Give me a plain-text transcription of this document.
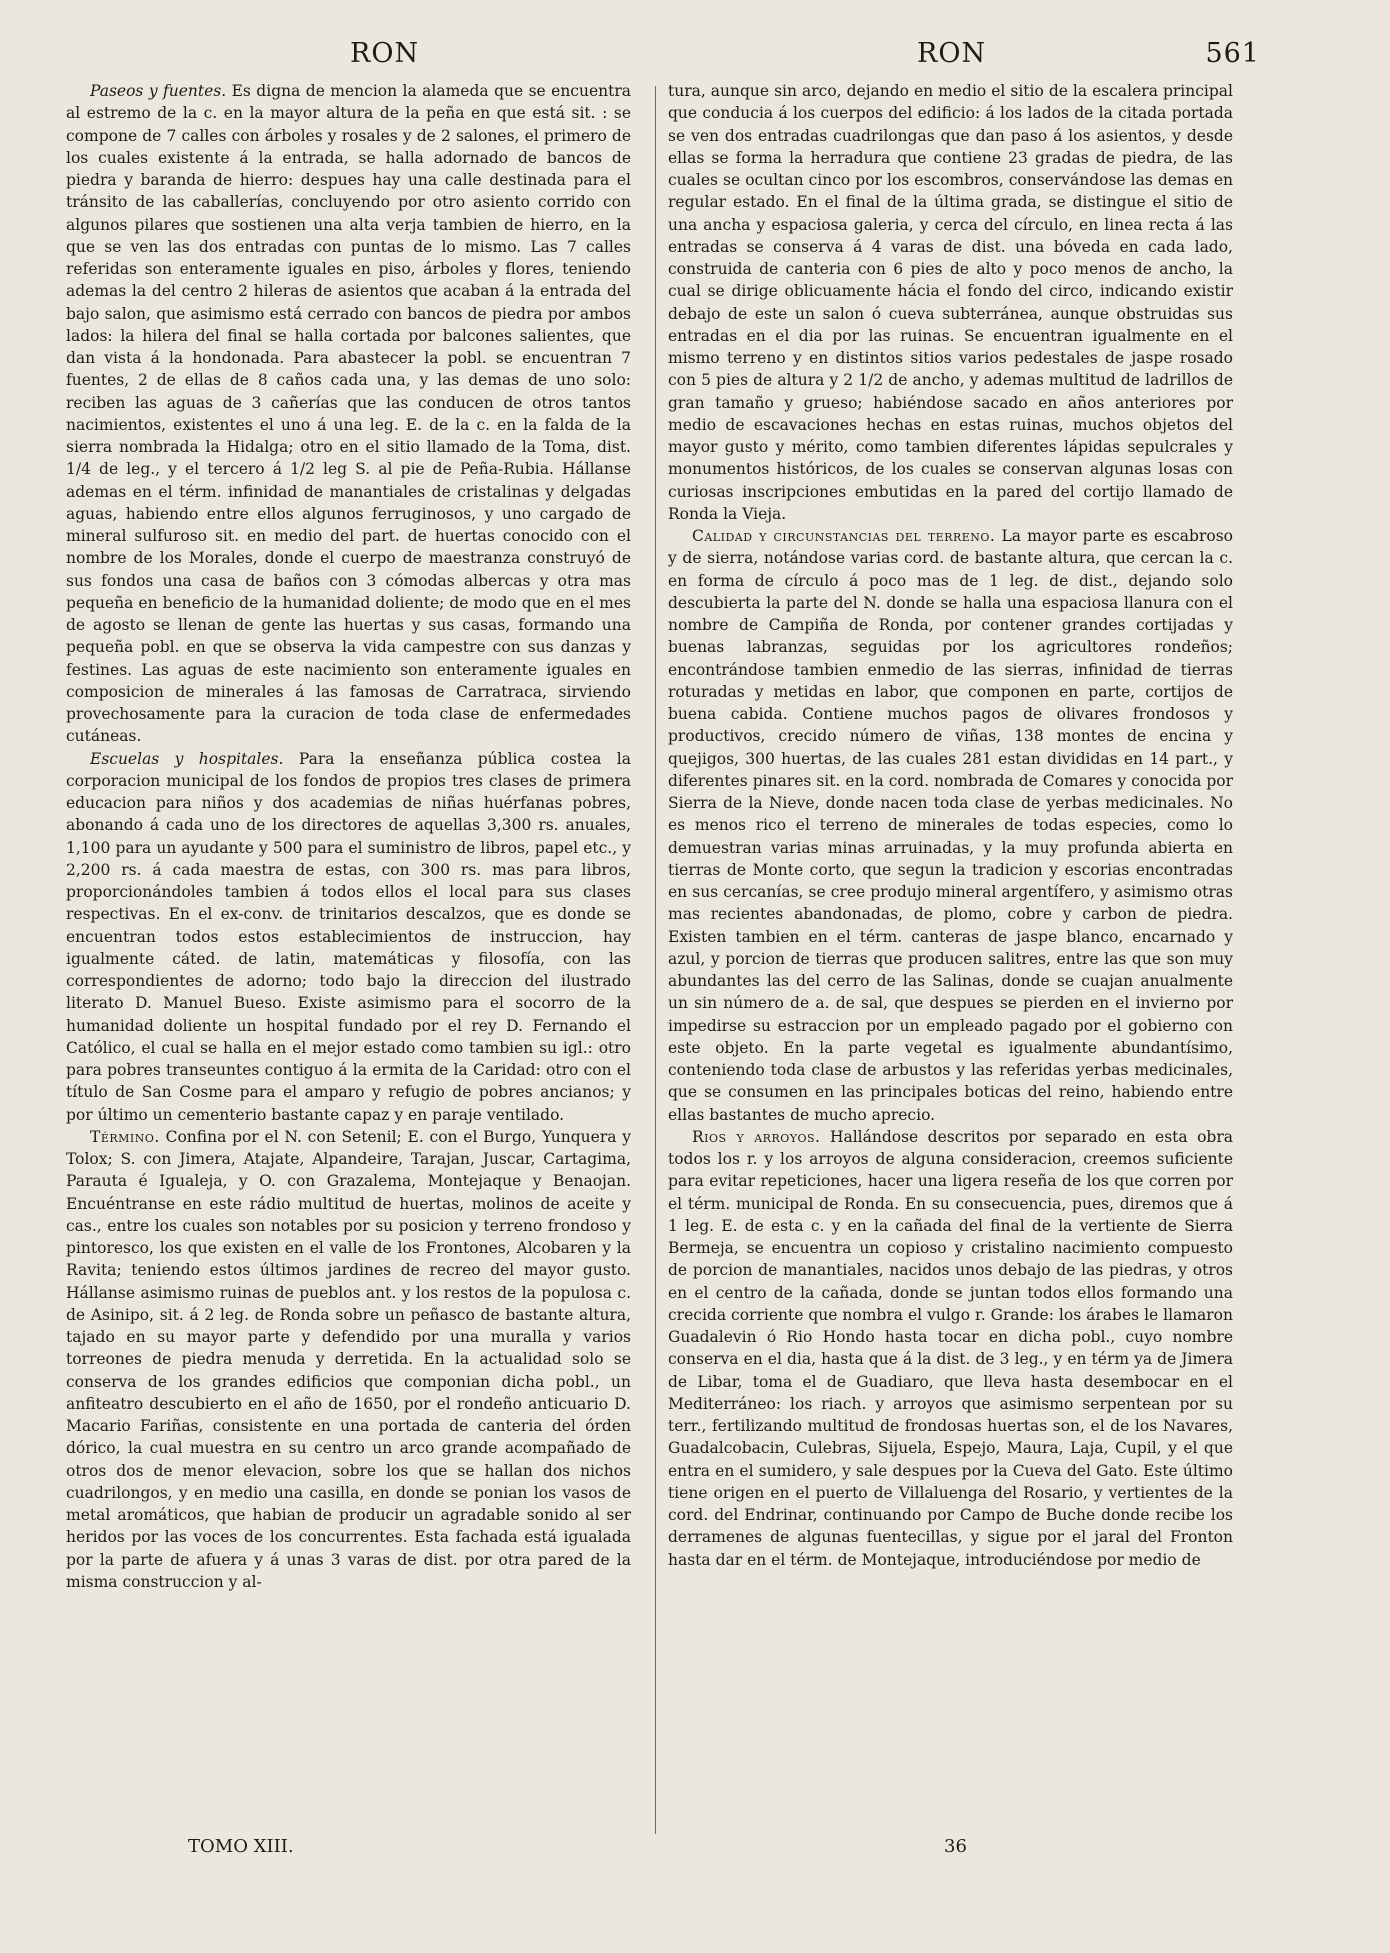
RON	RON	561

Paseos y fuentes. Es digna de mencion la alameda que se encuentra al estremo de la c. en la mayor altura de la peña en que está sit. : se compone de 7 calles con árboles y rosales y de 2 salones, el primero de los cuales existente á la entrada, se halla adornado de bancos de piedra y baranda de hierro: despues hay una calle destinada para el tránsito de las caballerías, concluyendo por otro asiento corrido con algunos pilares que sostienen una alta verja tambien de hierro, en la que se ven las dos entradas con puntas de lo mismo. Las 7 calles referidas son enteramente iguales en piso, árboles y flores, teniendo ademas la del centro 2 hileras de asientos que acaban á la entrada del bajo salon, que asimismo está cerrado con bancos de piedra por ambos lados: la hilera del final se halla cortada por balcones salientes, que dan vista á la hondonada. Para abastecer la pobl. se encuentran 7 fuentes, 2 de ellas de 8 caños cada una, y las demas de uno solo: reciben las aguas de 3 cañerías que las conducen de otros tantos nacimientos, existentes el uno á una leg. E. de la c. en la falda de la sierra nombrada la Hidalga; otro en el sitio llamado de la Toma, dist. 1/4 de leg., y el tercero á 1/2 leg S. al pie de Peña-Rubia. Hállanse ademas en el térm. infinidad de manantiales de cristalinas y delgadas aguas, habiendo entre ellos algunos ferruginosos, y uno cargado de mineral sulfuroso sit. en medio del part. de huertas conocido con el nombre de los Morales, donde el cuerpo de maestranza construyó de sus fondos una casa de baños con 3 cómodas albercas y otra mas pequeña en beneficio de la humanidad doliente; de modo que en el mes de agosto se llenan de gente las huertas y sus casas, formando una pequeña pobl. en que se observa la vida campestre con sus danzas y festines. Las aguas de este nacimiento son enteramente iguales en composicion de minerales á las famosas de Carratraca, sirviendo provechosamente para la curacion de toda clase de enfermedades cutáneas.

Escuelas y hospitales. Para la enseñanza pública costea la corporacion municipal de los fondos de propios tres clases de primera educacion para niños y dos academias de niñas huérfanas pobres, abonando á cada uno de los directores de aquellas 3,300 rs. anuales, 1,100 para un ayudante y 500 para el suministro de libros, papel etc., y 2,200 rs. á cada maestra de estas, con 300 rs. mas para libros, proporcionándoles tambien á todos ellos el local para sus clases respectivas. En el ex-conv. de trinitarios descalzos, que es donde se encuentran todos estos establecimientos de instruccion, hay igualmente cáted. de latin, matemáticas y filosofía, con las correspondientes de adorno; todo bajo la direccion del ilustrado literato D. Manuel Bueso. Existe asimismo para el socorro de la humanidad doliente un hospital fundado por el rey D. Fernando el Católico, el cual se halla en el mejor estado como tambien su igl.: otro para pobres transeuntes contiguo á la ermita de la Caridad: otro con el título de San Cosme para el amparo y refugio de pobres ancianos; y por último un cementerio bastante capaz y en paraje ventilado.

Término. Confina por el N. con Setenil; E. con el Burgo, Yunquera y Tolox; S. con Jimera, Atajate, Alpandeire, Tarajan, Juscar, Cartagima, Parauta é Igualeja, y O. con Grazalema, Montejaque y Benaojan. Encuéntranse en este rádio multitud de huertas, molinos de aceite y cas., entre los cuales son notables por su posicion y terreno frondoso y pintoresco, los que existen en el valle de los Frontones, Alcobaren y la Ravita; teniendo estos últimos jardines de recreo del mayor gusto. Hállanse asimismo ruinas de pueblos ant. y los restos de la populosa c. de Asinipo, sit. á 2 leg. de Ronda sobre un peñasco de bastante altura, tajado en su mayor parte y defendido por una muralla y varios torreones de piedra menuda y derretida. En la actualidad solo se conserva de los grandes edificios que componian dicha pobl., un anfiteatro descubierto en el año de 1650, por el rondeño anticuario D. Macario Fariñas, consistente en una portada de canteria del órden dórico, la cual muestra en su centro un arco grande acompañado de otros dos de menor elevacion, sobre los que se hallan dos nichos cuadrilongos, y en medio una casilla, en donde se ponian los vasos de metal aromáticos, que habian de producir un agradable sonido al ser heridos por las voces de los concurrentes. Esta fachada está igualada por la parte de afuera y á unas 3 varas de dist. por otra pared de la misma construccion y al-

tura, aunque sin arco, dejando en medio el sitio de la escalera principal que conducia á los cuerpos del edificio: á los lados de la citada portada se ven dos entradas cuadrilongas que dan paso á los asientos, y desde ellas se forma la herradura que contiene 23 gradas de piedra, de las cuales se ocultan cinco por los escombros, conservándose las demas en regular estado. En el final de la última grada, se distingue el sitio de una ancha y espaciosa galeria, y cerca del círculo, en linea recta á las entradas se conserva á 4 varas de dist. una bóveda en cada lado, construida de canteria con 6 pies de alto y poco menos de ancho, la cual se dirige oblicuamente hácia el fondo del circo, indicando existir debajo de este un salon ó cueva subterránea, aunque obstruidas sus entradas en el dia por las ruinas. Se encuentran igualmente en el mismo terreno y en distintos sitios varios pedestales de jaspe rosado con 5 pies de altura y 2 1/2 de ancho, y ademas multitud de ladrillos de gran tamaño y grueso; habiéndose sacado en años anteriores por medio de escavaciones hechas en estas ruinas, muchos objetos del mayor gusto y mérito, como tambien diferentes lápidas sepulcrales y monumentos históricos, de los cuales se conservan algunas losas con curiosas inscripciones embutidas en la pared del cortijo llamado de Ronda la Vieja.

Calidad y circunstancias del terreno. La mayor parte es escabroso y de sierra, notándose varias cord. de bastante altura, que cercan la c. en forma de círculo á poco mas de 1 leg. de dist., dejando solo descubierta la parte del N. donde se halla una espaciosa llanura con el nombre de Campiña de Ronda, por contener grandes cortijadas y buenas labranzas, seguidas por los agricultores rondeños; encontrándose tambien enmedio de las sierras, infinidad de tierras roturadas y metidas en labor, que componen en parte, cortijos de buena cabida. Contiene muchos pagos de olivares frondosos y productivos, crecido número de viñas, 138 montes de encina y quejigos, 300 huertas, de las cuales 281 estan divididas en 14 part., y diferentes pinares sit. en la cord. nombrada de Comares y conocida por Sierra de la Nieve, donde nacen toda clase de yerbas medicinales. No es menos rico el terreno de minerales de todas especies, como lo demuestran varias minas arruinadas, y la muy profunda abierta en tierras de Monte corto, que segun la tradicion y escorias encontradas en sus cercanías, se cree produjo mineral argentífero, y asimismo otras mas recientes abandonadas, de plomo, cobre y carbon de piedra. Existen tambien en el térm. canteras de jaspe blanco, encarnado y azul, y porcion de tierras que producen salitres, entre las que son muy abundantes las del cerro de las Salinas, donde se cuajan anualmente un sin número de a. de sal, que despues se pierden en el invierno por impedirse su estraccion por un empleado pagado por el gobierno con este objeto. En la parte vegetal es igualmente abundantísimo, conteniendo toda clase de arbustos y las referidas yerbas medicinales, que se consumen en las principales boticas del reino, habiendo entre ellas bastantes de mucho aprecio.

Rios y arroyos. Hallándose descritos por separado en esta obra todos los r. y los arroyos de alguna consideracion, creemos suficiente para evitar repeticiones, hacer una ligera reseña de los que corren por el térm. municipal de Ronda. En su consecuencia, pues, diremos que á 1 leg. E. de esta c. y en la cañada del final de la vertiente de Sierra Bermeja, se encuentra un copioso y cristalino nacimiento compuesto de porcion de manantiales, nacidos unos debajo de las piedras, y otros en el centro de la cañada, donde se juntan todos ellos formando una crecida corriente que nombra el vulgo r. Grande: los árabes le llamaron Guadalevin ó Rio Hondo hasta tocar en dicha pobl., cuyo nombre conserva en el dia, hasta que á la dist. de 3 leg., y en térm ya de Jimera de Libar, toma el de Guadiaro, que lleva hasta desembocar en el Mediterráneo: los riach. y arroyos que asimismo serpentean por su terr., fertilizando multitud de frondosas huertas son, el de los Navares, Guadalcobacin, Culebras, Sijuela, Espejo, Maura, Laja, Cupil, y el que entra en el sumidero, y sale despues por la Cueva del Gato. Este último tiene origen en el puerto de Villaluenga del Rosario, y vertientes de la cord. del Endrinar, continuando por Campo de Buche donde recibe los derramenes de algunas fuentecillas, y sigue por el jaral del Fronton hasta dar en el térm. de Montejaque, introduciéndose por medio de

TOMO XIII.	36
